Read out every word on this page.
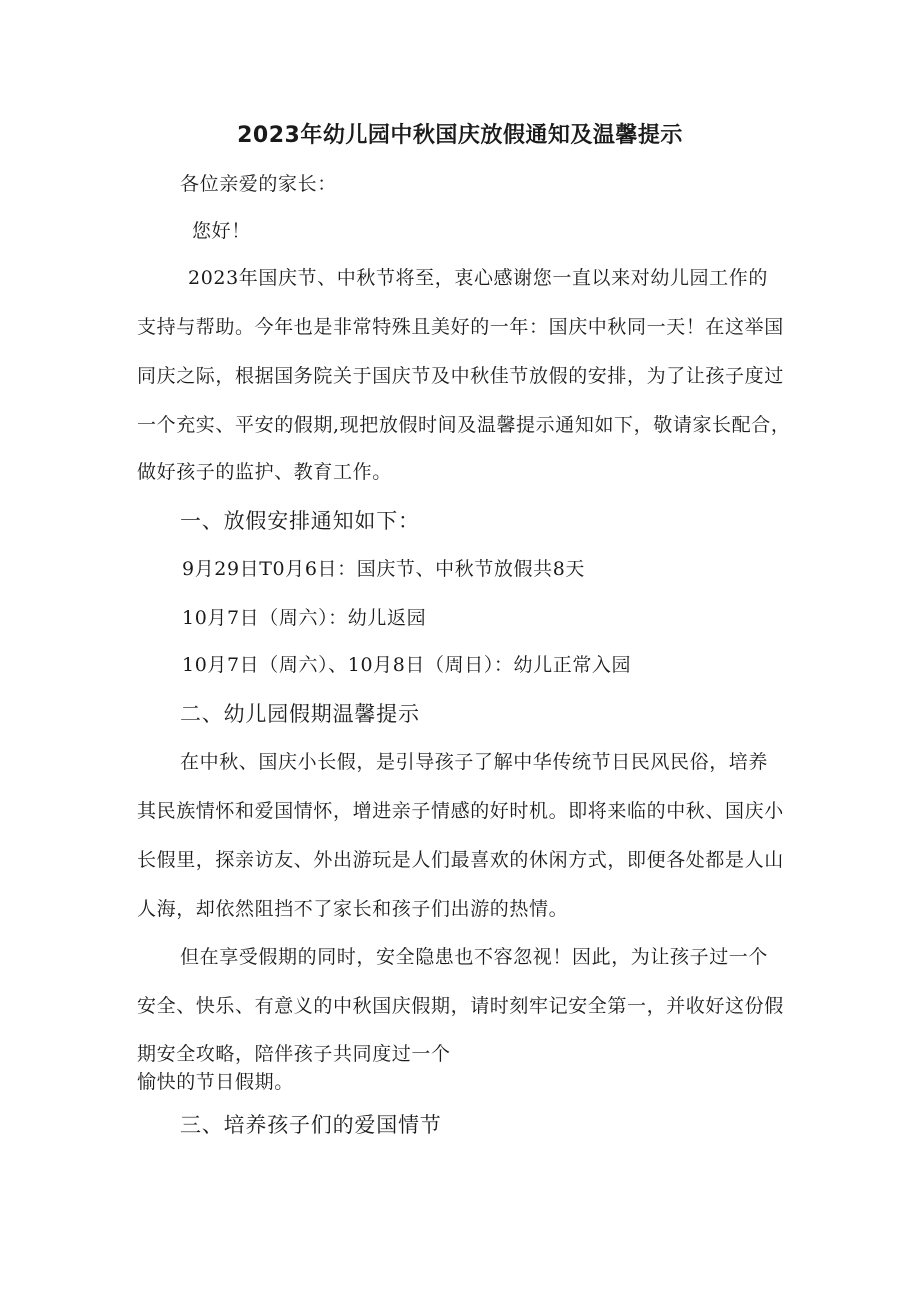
2023年幼儿园中秋国庆放假通知及温馨提示
各位亲爱的家长：
您好！
2023年国庆节、中秋节将至，衷心感谢您一直以来对幼儿园工作的
支持与帮助。今年也是非常特殊且美好的一年：国庆中秋同一天！在这举国
同庆之际，根据国务院关于国庆节及中秋佳节放假的安排，为了让孩子度过
一个充实、平安的假期,现把放假时间及温馨提示通知如下，敬请家长配合，
做好孩子的监护、教育工作。
一、放假安排通知如下：
9月29日T0月6日：国庆节、中秋节放假共8天
10月7日（周六）：幼儿返园
10月7日（周六）、10月8日（周日）：幼儿正常入园
二、幼儿园假期温馨提示
在中秋、国庆小长假，是引导孩子了解中华传统节日民风民俗，培养
其民族情怀和爱国情怀，增进亲子情感的好时机。即将来临的中秋、国庆小
长假里，探亲访友、外出游玩是人们最喜欢的休闲方式，即便各处都是人山
人海，却依然阻挡不了家长和孩子们出游的热情。
但在享受假期的同时，安全隐患也不容忽视！因此，为让孩子过一个
安全、快乐、有意义的中秋国庆假期，请时刻牢记安全第一，并收好这份假
期安全攻略，陪伴孩子共同度过一个
愉快的节日假期。
三、培养孩子们的爱国情节
